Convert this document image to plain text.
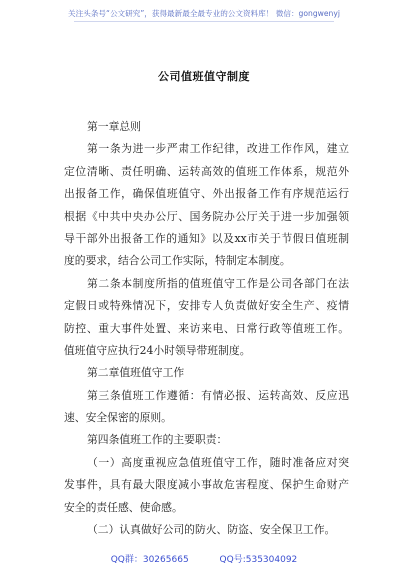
关注头条号“公文研究”，获得最新最全最专业的公文资料库！ 微信：gongwenyj
公司值班值守制度
第一章总则
第一条为进一步严肃工作纪律，改进工作作风，建立
定位清晰、责任明确、运转高效的值班工作体系，规范外
出报备工作，确保值班值守、外出报备工作有序规范运行
根据《中共中央办公厅、国务院办公厅关于进一步加强领
导干部外出报备工作的通知》以及xx市关于节假日值班制
度的要求，结合公司工作实际，特制定本制度。
第二条本制度所指的值班值守工作是公司各部门在法
定假日或特殊情况下，安排专人负责做好安全生产、疫情
防控、重大事件处置、来访来电、日常行政等值班工作。
值班值守应执行24小时领导带班制度。
第二章值班值守工作
第三条值班工作遵循：有情必报、运转高效、反应迅
速、安全保密的原则。
第四条值班工作的主要职责：
（一）高度重视应急值班值守工作，随时准备应对突
发事件，具有最大限度减小事故危害程度、保护生命财产
安全的责任感、使命感。
（二）认真做好公司的防火、防盗、安全保卫工作。
QQ群：30265665	QQ号:535304092
